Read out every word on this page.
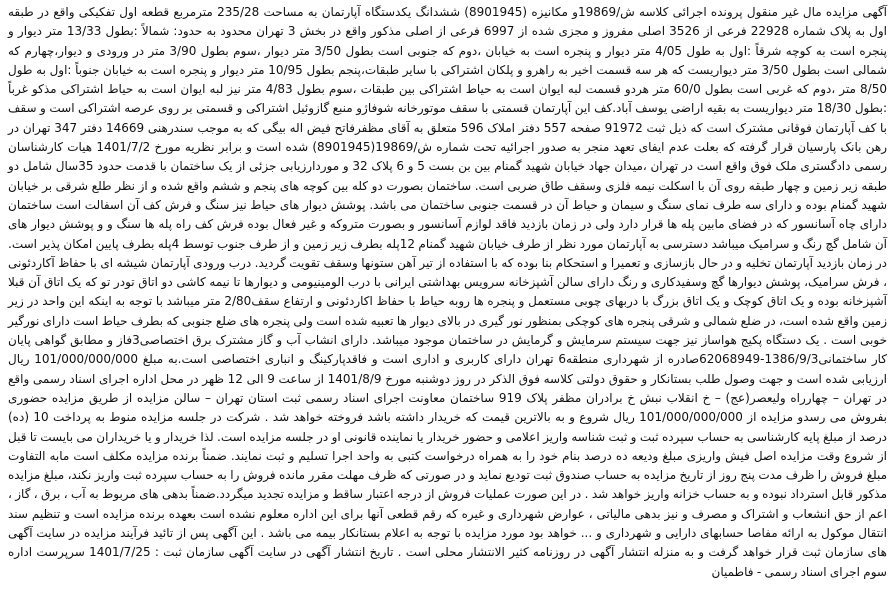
آگهی مزایده مال غیر منقول پرونده اجرائی کلاسه ش/19869و مکانیزه (8901945) ششدانگ یکدستگاه آپارتمان به مساحت 235/28 مترمربع قطعه اول تفکیکی واقع در طبقه اول به پلاک شماره 22928 فرعی از 3526 اصلی مفروز و مجزی شده از 6997 فرعی از اصلی مذکور واقع در بخش 3 تهران محدود به حدود: شمالاً :بطول 13/33 متر دیوار و پنجره است به کوچه شرقاً :اول به طول 4/05 متر دیوار و پنجره است به خیابان ،دوم که جنوبی است بطول 3/50 متر دیوار ،سوم بطول 3/90 متر در ورودی و دیوار،چهارم که شمالی است بطول 3/50 متر دیواریست که هر سه قسمت اخیر به راهرو و پلکان اشتراکی با سایر طبقات،پنجم بطول 10/95 متر دیوار و پنجره است به خیابان جنوباً :اول به طول 8/50 متر ،دوم که غربی است بطول 60/0 متر هردو قسمت لبه ایوان است به حیاط اشتراکی بین طبقات ،سوم بطول 4/83 متر نیز لبه ایوان است به حیاط اشتراکی مذکو غرباً :بطول 18/30 متر دیواریست به بقیه اراضی یوسف آباد.کف این آپارتمان قسمتی با سقف موتورخانه شوفاژو منبع گازوئیل اشتراکی و قسمتی بر روی عرصه اشتراکی است و سقف با کف آپارتمان فوقانی مشترک است که ذیل ثبت 91972 صفحه 557 دفتر املاک 596 متعلق به آقای مظفرفاتح فیض اله بیگی که به موجب سندرهنی 14669 دفتر 347 تهران در رهن بانک پارسیان قرار گرفته که بعلت عدم ایفای تعهد منجر به صدور اجرائیه تحت شماره ش/19869(8901945) شده است و برابر نظریه مورخ 1401/7/2 هیات کارشناسان رسمی دادگستری ملک فوق واقع است در تهران ،میدان جهاد خیابان شهید گمنام بین بن بست 5 و 6 پلاک 32 و موردارزیابی جزئی از یک ساختمان با قدمت حدود 35سال شامل دو طبقه زیر زمین و چهار طبقه روی آن با اسکلت نیمه فلزی وسقف طاق ضربی است. ساختمان بصورت دو کله بین کوچه های پنجم و ششم واقع شده و از نظر طلع شرقی بر خیابان شهید گمنام بوده و دارای سه طرف نمای سنگ و سیمان و حیاط آن در قسمت جنوبی ساختمان می باشد. پوشش دیوار های حیاط نیز سنگ و فرش کف آن اسفالت است ساختمان دارای چاه آسانسور که در فضای مابین پله ها قرار دارد ولی در زمان بازدید فاقد لوازم آسانسور و بصورت متروکه و غیر فعال بوده فرش کف راه پله ها سنگ و و پوشش دیوار های آن شامل گچ رنگ و سرامیک میباشد دسترسی به آپارتمان مورد نظر از طرف خیابان شهید گمنام 12پله بطرف زیر زمین و از طرف جنوب توسط 4پله بطرف پایین امکان پذیر است. در زمان بازدید آپارتمان تخلیه و در حال بازسازی و تعمیرا و استحکام بنا بوده که با استفاده از تیر آهن ستونها وسقف تقویت گردید. درب ورودی آپارتمان شیشه ای با حفاظ آکاردئونی ، فرش سرامیک، پوشش دیوارها گچ وسفیدکاری و رنگ دارای سالن آشپزخانه سرویس بهداشتی ایرانی با درب الومینیومی و دیوارها تا نیمه کاشی دو اتاق تودر تو که یک اتاق آن قبلا آشپزخانه بوده و یک اتاق کوچک و یک اتاق بزرگ با دربهای چوبی مستعمل و پنجره ها روبه حیاط با حفاظ اکاردئونی و ارتفاع سقف2/80 متر میباشد با توجه به اینکه این واحد در زیر زمین واقع شده است، در ضلع شمالی و شرقی پنجره های کوچکی بمنظور نور گیری در بالای دیوار ها تعبیه شده است ولی پنجره های ضلع جنوبی که بطرف حیاط است دارای نورگیر خوبی است . یک دستگاه پکیج هواساز نیز جهت سیستم سرمایش و گرمایش در ساختمان موجود میباشد. دارای انشاب آب و گاز مشترک برق اختصاصی3فاز و مطابق گواهی پایان کار ساختمانی1386/9/3-62068949صادره از شهرداری منطقه6 تهران دارای کاربری و اداری است و فاقدپارکینگ و انباری اختصاصی است.به مبلغ 101/000/000/000 ریال ارزیابی شده است و جهت وصول طلب بستانکار و حقوق دولتی کلاسه فوق الذکر در روز دوشنبه مورخ 1401/8/9 از ساعت 9 الی 12 ظهر در محل اداره اجرای اسناد رسمی واقع در تهران – چهارراه ولیعصر(عج) – خ انقلاب نبش خ برادران مظفر پلاک 919 ساختمان معاونت اجرای اسناد رسمی ثبت استان تهران – سالن مزایده از طریق مزایده حضوری بفروش می رسدو مزایده از 101/000/000/000 ریال شروع و به بالاترین قیمت که خریدار داشته باشد فروخته خواهد شد . شرکت در جلسه مزایده منوط به پرداخت 10 (ده) درصد از مبلغ پایه کارشناسی به حساب سپرده ثبت و ثبت شناسه واریز اعلامی و حضور خریدار یا نماینده قانونی او در جلسه مزایده است. لذا خریدار و یا خریداران می بایست تا قبل از شروع وقت مزایده اصل فیش واریزی مبلغ ودیعه ده درصد بنام خود را به همراه درخواست کتبی به واحد اجرا تسلیم و ثبت نمایند. ضمناً برنده مزایده مکلف است مابه التفاوت مبلغ فروش را ظرف مدت پنج روز از تاریخ مزایده به حساب صندوق ثبت تودیع نماید و در صورتی که ظرف مهلت مقرر مانده فروش را به حساب سپرده ثبت واریز نکند، مبلغ مزایده مذکور قابل استرداد نبوده و به حساب خزانه واریز خواهد شد . در این صورت عملیات فروش از درجه اعتبار ساقط و مزایده تجدید میگردد.ضمناً بدهی های مربوط به آب ، برق ، گاز ، اعم از حق انشعاب و اشتراک و مصرف و نیز بدهی مالیاتی ، عوارض شهرداری و غیره که رقم قطعی آنها برای این اداره معلوم نشده است بعهده برنده مزایده است و تنظیم سند انتقال موکول به ارائه مفاصا حسابهای دارایی و شهرداری و ... خواهد بود مورد مزایده با توجه به اعلام بستانکار بیمه می باشد . این آگهی پس از تائید فرآیند مزایده در سایت آگهی های سازمان ثبت قرار خواهد گرفت و به منزله انتشار آگهی در روزنامه کثیر الانتشار محلی است . تاریخ انتشار آگهی در سایت آگهی سازمان ثبت : 1401/7/25 سرپرست اداره سوم اجرای اسناد رسمی - فاطمیان
